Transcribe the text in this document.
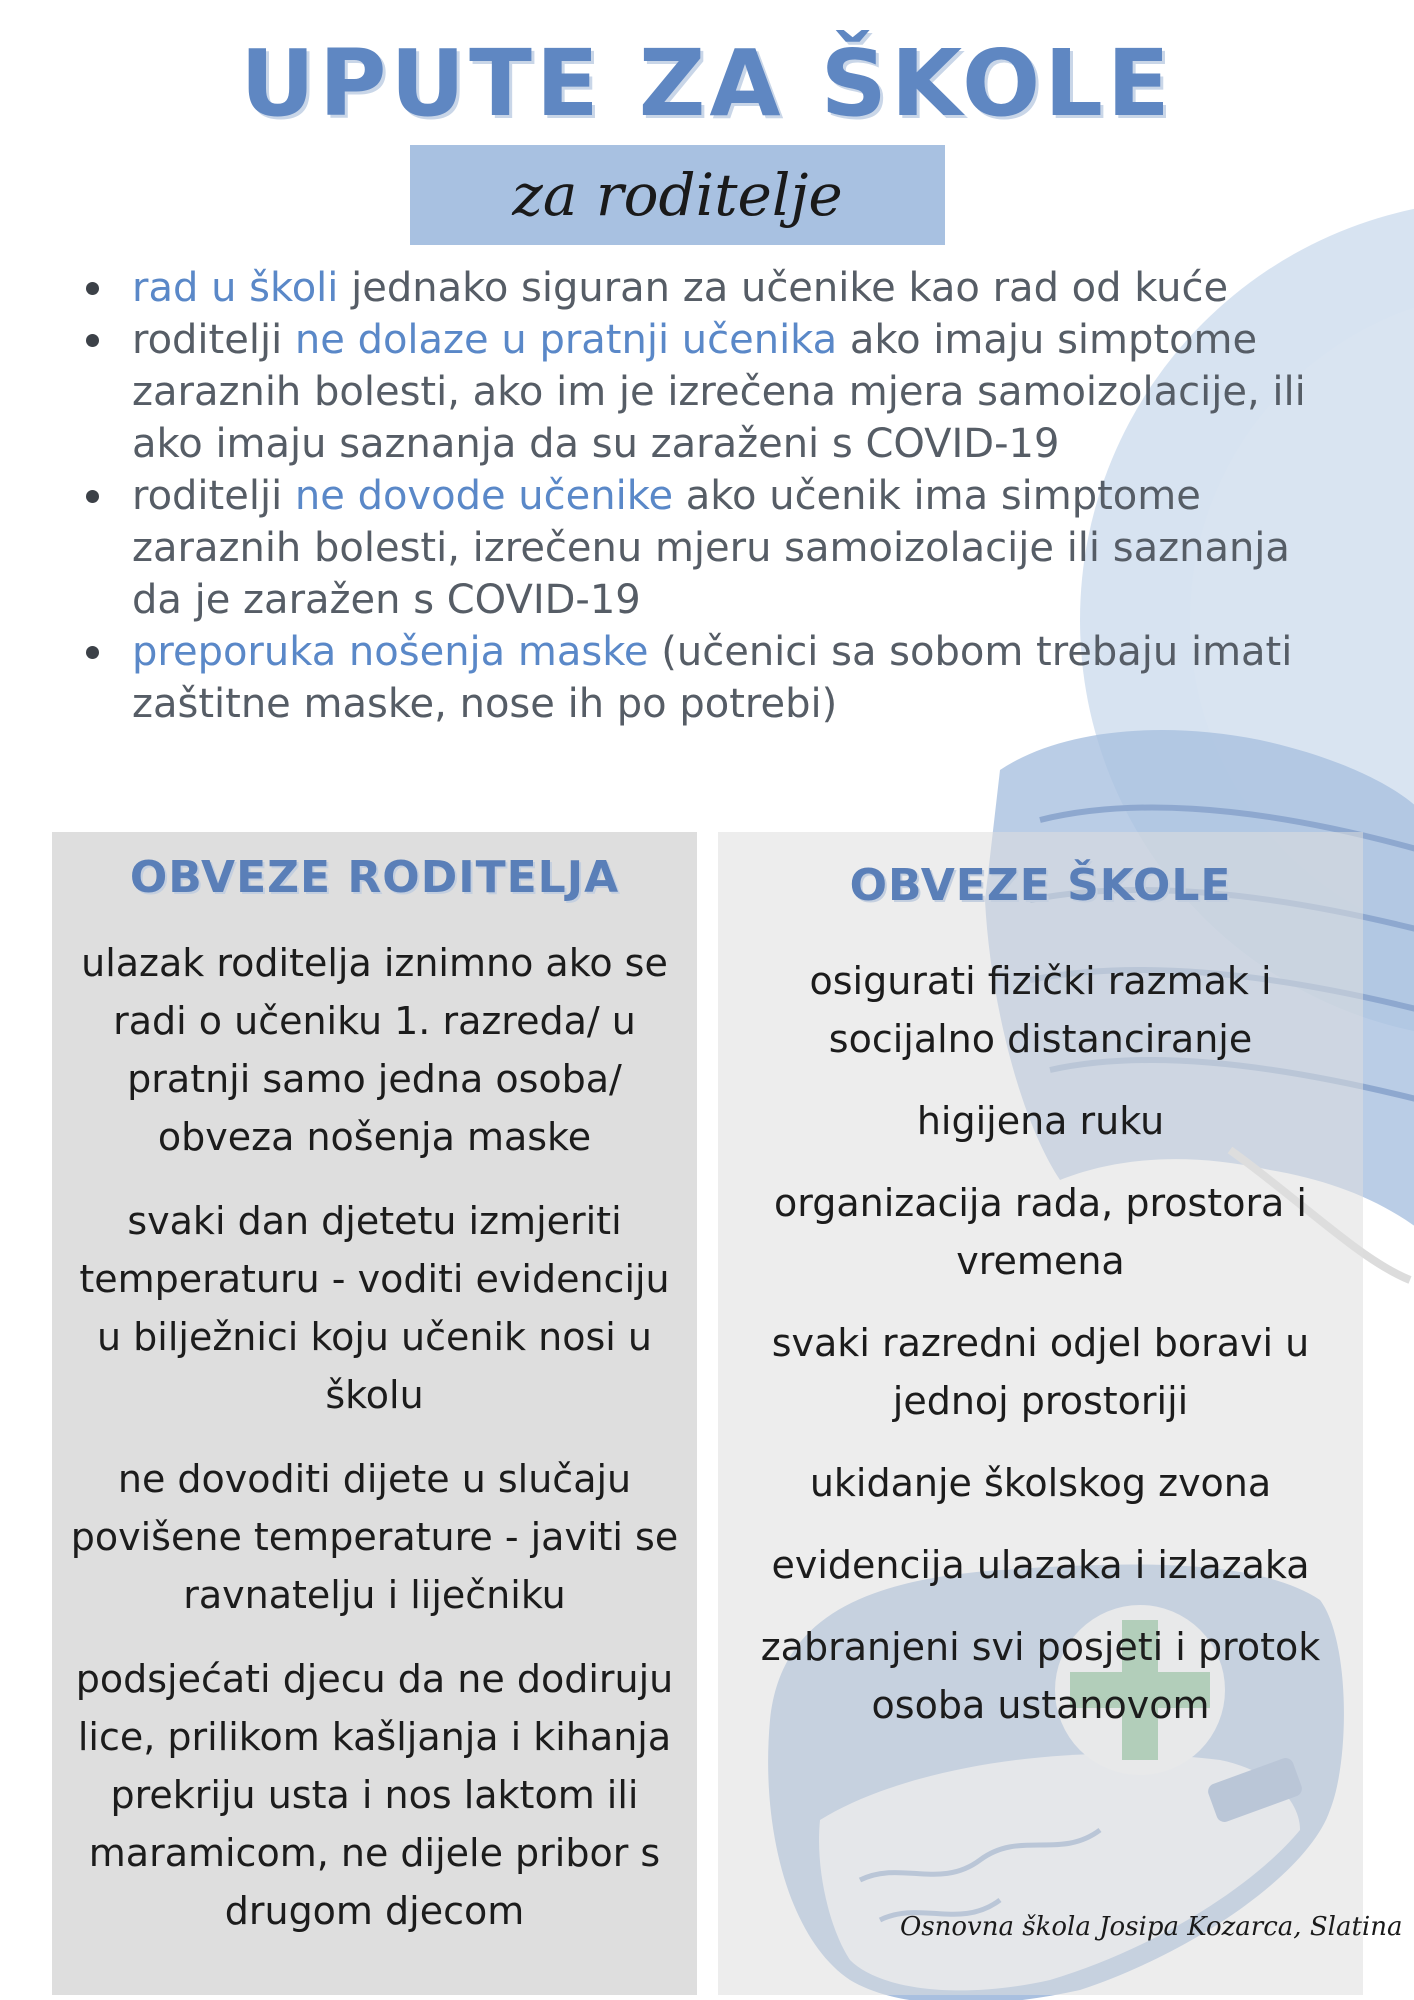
UPUTE ZA ŠKOLE
za roditelje
rad u školi jednako siguran za učenike kao rad od kuće
roditelji ne dolaze u pratnji učenika ako imaju simptome zaraznih bolesti, ako im je izrečena mjera samoizolacije, ili ako imaju saznanja da su zaraženi s COVID-19
roditelji ne dovode učenike ako učenik ima simptome zaraznih bolesti, izrečenu mjeru samoizolacije ili saznanja da je zaražen s COVID-19
preporuka nošenja maske (učenici sa sobom trebaju imati zaštitne maske, nose ih po potrebi)
OBVEZE RODITELJA

ulazak roditelja iznimno ako se radi o učeniku 1. razreda/ u pratnji samo jedna osoba/ obveza nošenja maske

svaki dan djetetu izmjeriti temperaturu - voditi evidenciju u bilježnici koju učenik nosi u školu

ne dovoditi dijete u slučaju povišene temperature - javiti se ravnatelju i liječniku

podsjećati djecu da ne dodiruju lice, prilikom kašljanja i kihanja prekriju usta i nos laktom ili maramicom, ne dijele pribor s drugom djecom

OBVEZE ŠKOLE

osigurati fizički razmak i socijalno distanciranje

higijena ruku

organizacija rada, prostora i vremena

svaki razredni odjel boravi u jednoj prostoriji

ukidanje školskog zvona

evidencija ulazaka i izlazaka

zabranjeni svi posjeti i protok osoba ustanovom

Osnovna škola Josipa Kozarca, Slatina
